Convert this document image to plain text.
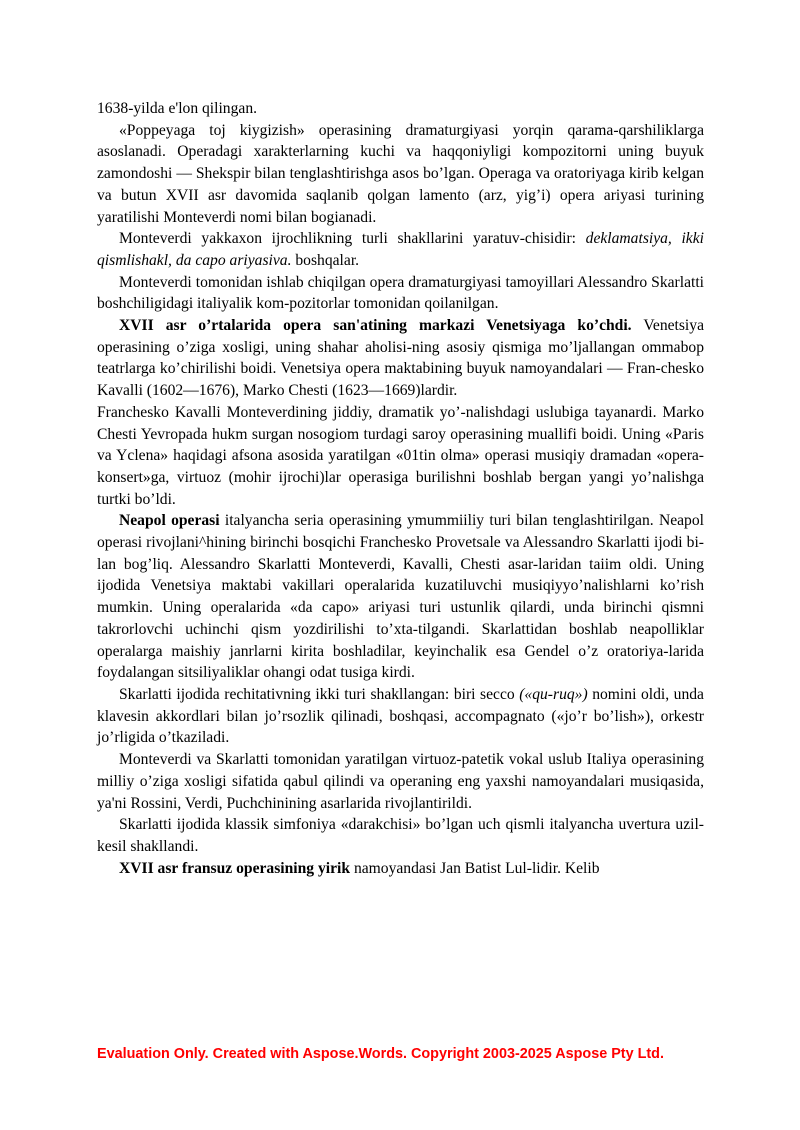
1638-yilda e'lon qilingan.

«Poppeyaga toj kiygizish» operasining dramaturgiyasi yorqin qarama-qarshiliklarga asoslanadi. Operadagi xarakterlarning kuchi va haqqoniyligi kompozitorni uning buyuk zamondoshi — Shekspir bilan tenglashtirishga asos bo’lgan. Operaga va oratoriyaga kirib kelgan va butun XVII asr davomida saqlanib qolgan lamento (arz, yig’i) opera ariyasi turining yaratilishi Monteverdi nomi bilan bogianadi.

Monteverdi yakkaxon ijrochlikning turli shakllarini yaratuv-chisidir: deklamatsiya, ikki qismlishakl, da capo ariyasiva. boshqalar.

Monteverdi tomonidan ishlab chiqilgan opera dramaturgiyasi tamoyillari Alessandro Skarlatti boshchiligidagi italiyalik kom-pozitorlar tomonidan qoilanilgan.

XVII asr o’rtalarida opera san'atining markazi Venetsiyaga ko’chdi. Venetsiya operasining o’ziga xosligi, uning shahar aholisi-ning asosiy qismiga mo’ljallangan ommabop teatrlarga ko’chirilishi boidi. Venetsiya opera maktabining buyuk namoyandalari — Fran-chesko Kavalli (1602—1676), Marko Chesti (1623—1669)lardir.

Franchesko Kavalli Monteverdining jiddiy, dramatik yo’-nalishdagi uslubiga tayanardi. Marko Chesti Yevropada hukm surgan nosogiom turdagi saroy operasining muallifi boidi. Uning «Paris va Yclena» haqidagi afsona asosida yaratilgan «01tin olma» operasi musiqiy dramadan «opera-konsert»ga, virtuoz (mohir ijrochi)lar operasiga burilishni boshlab bergan yangi yo’nalishga turtki bo’ldi.

Neapol operasi italyancha seria operasining ymummiiliy turi bilan tenglashtirilgan. Neapol operasi rivojlani^hining birinchi bosqichi Franchesko Provetsale va Alessandro Skarlatti ijodi bi-lan bog’liq. Alessandro Skarlatti Monteverdi, Kavalli, Chesti asar-laridan taiim oldi. Uning ijodida Venetsiya maktabi vakillari operalarida kuzatiluvchi musiqiyyo’nalishlarni ko’rish mumkin. Uning operalarida «da capo» ariyasi turi ustunlik qilardi, unda birinchi qismni takrorlovchi uchinchi qism yozdirilishi to’xta-tilgandi. Skarlattidan boshlab neapolliklar operalarga maishiy janrlarni kirita boshladilar, keyinchalik esa Gendel o’z oratoriya-larida foydalangan sitsiliyaliklar ohangi odat tusiga kirdi.

Skarlatti ijodida rechitativning ikki turi shakllangan: biri secco («qu-ruq») nomini oldi, unda klavesin akkordlari bilan jo’rsozlik qilinadi, boshqasi, accompagnato («jo’r bo’lish»), orkestr jo’rligida o’tkaziladi.

Monteverdi va Skarlatti tomonidan yaratilgan virtuoz-patetik vokal uslub Italiya operasining milliy o’ziga xosligi sifatida qabul qilindi va operaning eng yaxshi namoyandalari musiqasida, ya'ni Rossini, Verdi, Puchchinining asarlarida rivojlantirildi.

Skarlatti ijodida klassik simfoniya «darakchisi» bo’lgan uch qismli italyancha uvertura uzil-kesil shakllandi.

XVII asr fransuz operasining yirik namoyandasi Jan Batist Lul-lidir. Kelib

Evaluation Only. Created with Aspose.Words. Copyright 2003-2025 Aspose Pty Ltd.
